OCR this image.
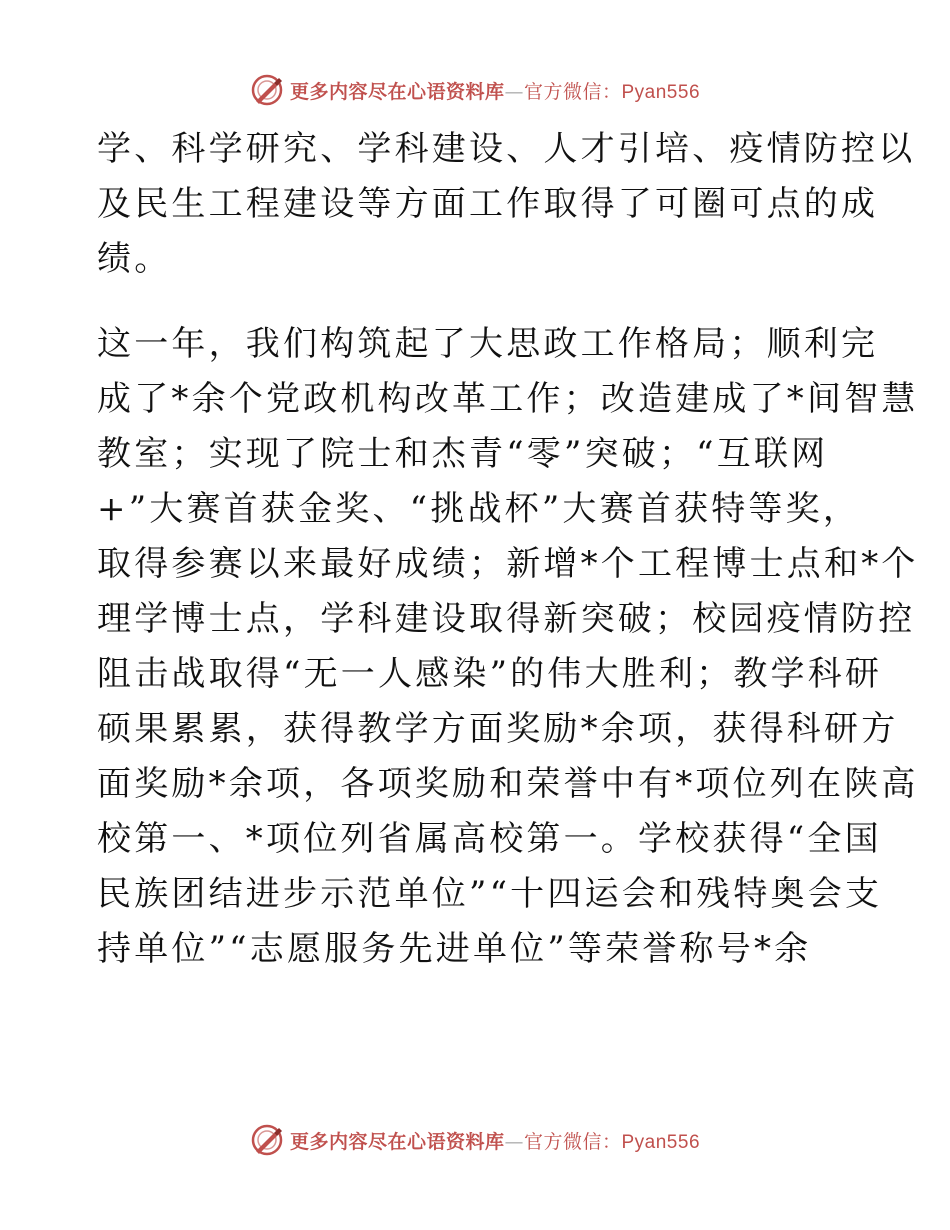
更多内容尽在心语资料库—官方微信：Pyan556
学、科学研究、学科建设、人才引培、疫情防控以
及民生工程建设等方面工作取得了可圈可点的成
绩。
这一年，我们构筑起了大思政工作格局；顺利完
成了*余个党政机构改革工作；改造建成了*间智慧
教室；实现了院士和杰青“零”突破；“互联网
+”大赛首获金奖、“挑战杯”大赛首获特等奖，
取得参赛以来最好成绩；新增*个工程博士点和*个
理学博士点，学科建设取得新突破；校园疫情防控
阻击战取得“无一人感染”的伟大胜利；教学科研
硕果累累，获得教学方面奖励*余项，获得科研方
面奖励*余项，各项奖励和荣誉中有*项位列在陕高
校第一、*项位列省属高校第一。学校获得“全国
民族团结进步示范单位”“十四运会和残特奥会支
持单位”“志愿服务先进单位”等荣誉称号*余
更多内容尽在心语资料库—官方微信：Pyan556
